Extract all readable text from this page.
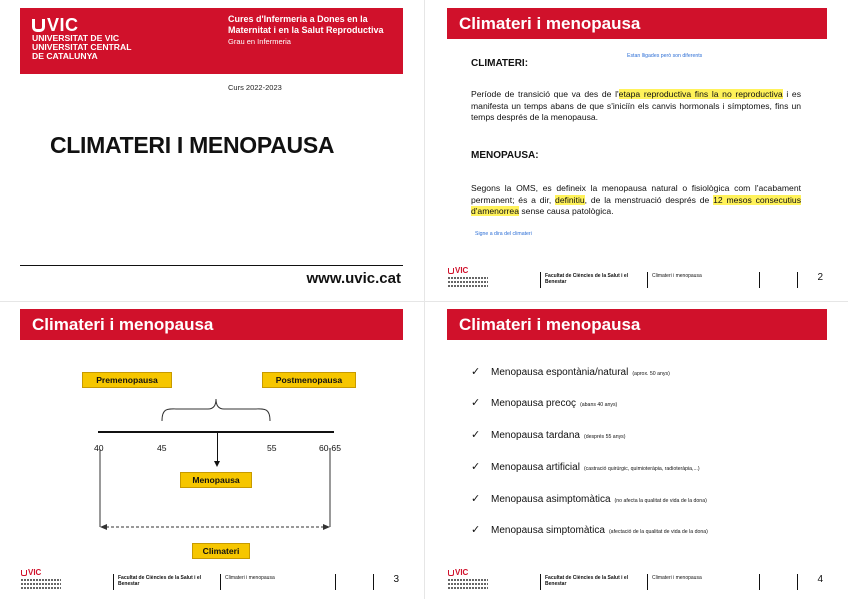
VIC
UNIVERSITAT DE VIC
UNIVERSITAT CENTRAL
DE CATALUNYA
Cures d'Infermeria a Dones en la Maternitat i en la Salut Reproductiva
Grau en Infermeria
Curs 2022-2023
CLIMATERI I MENOPAUSA
www.uvic.cat
Climateri i menopausa
Estan lligades però son diferents
CLIMATERI:
Període de transició que va des de l'etapa reproductiva fins la no reproductiva i es manifesta un temps abans de que s'iniciïn els canvis hormonals i símptomes, fins un temps després de la menopausa.
MENOPAUSA:
Segons la OMS, es defineix la menopausa natural o fisiològica com l'acabament permanent; és a dir, definitiu, de la menstruació després de 12 mesos consecutius d'amenorrea sense causa patològica.
Signe a dira del climateri
VIC
Facultat de Ciències de la Salut i el Benestar
Climateri i menopausa	2
Climateri i menopausa
Premenopausa	Postmenopausa
40	45	55	60-65
Menopausa
Climateri
VIC
Facultat de Ciències de la Salut i el Benestar
Climateri i menopausa	3
Climateri i menopausa
✓	Menopausa espontània/natural (aprox. 50 anys)
✓	Menopausa precoç (abans 40 anys)
✓	Menopausa tardana (després 55 anys)
✓	Menopausa artificial (castració quirúrgic, quimioteràpia, radioteràpia,...)
✓	Menopausa asimptomàtica (no afecta la qualitat de vida de la dona)
✓	Menopausa simptomàtica (afectació de la qualitat de vida de la dona)
VIC
Facultat de Ciències de la Salut i el Benestar
Climateri i menopausa	4
